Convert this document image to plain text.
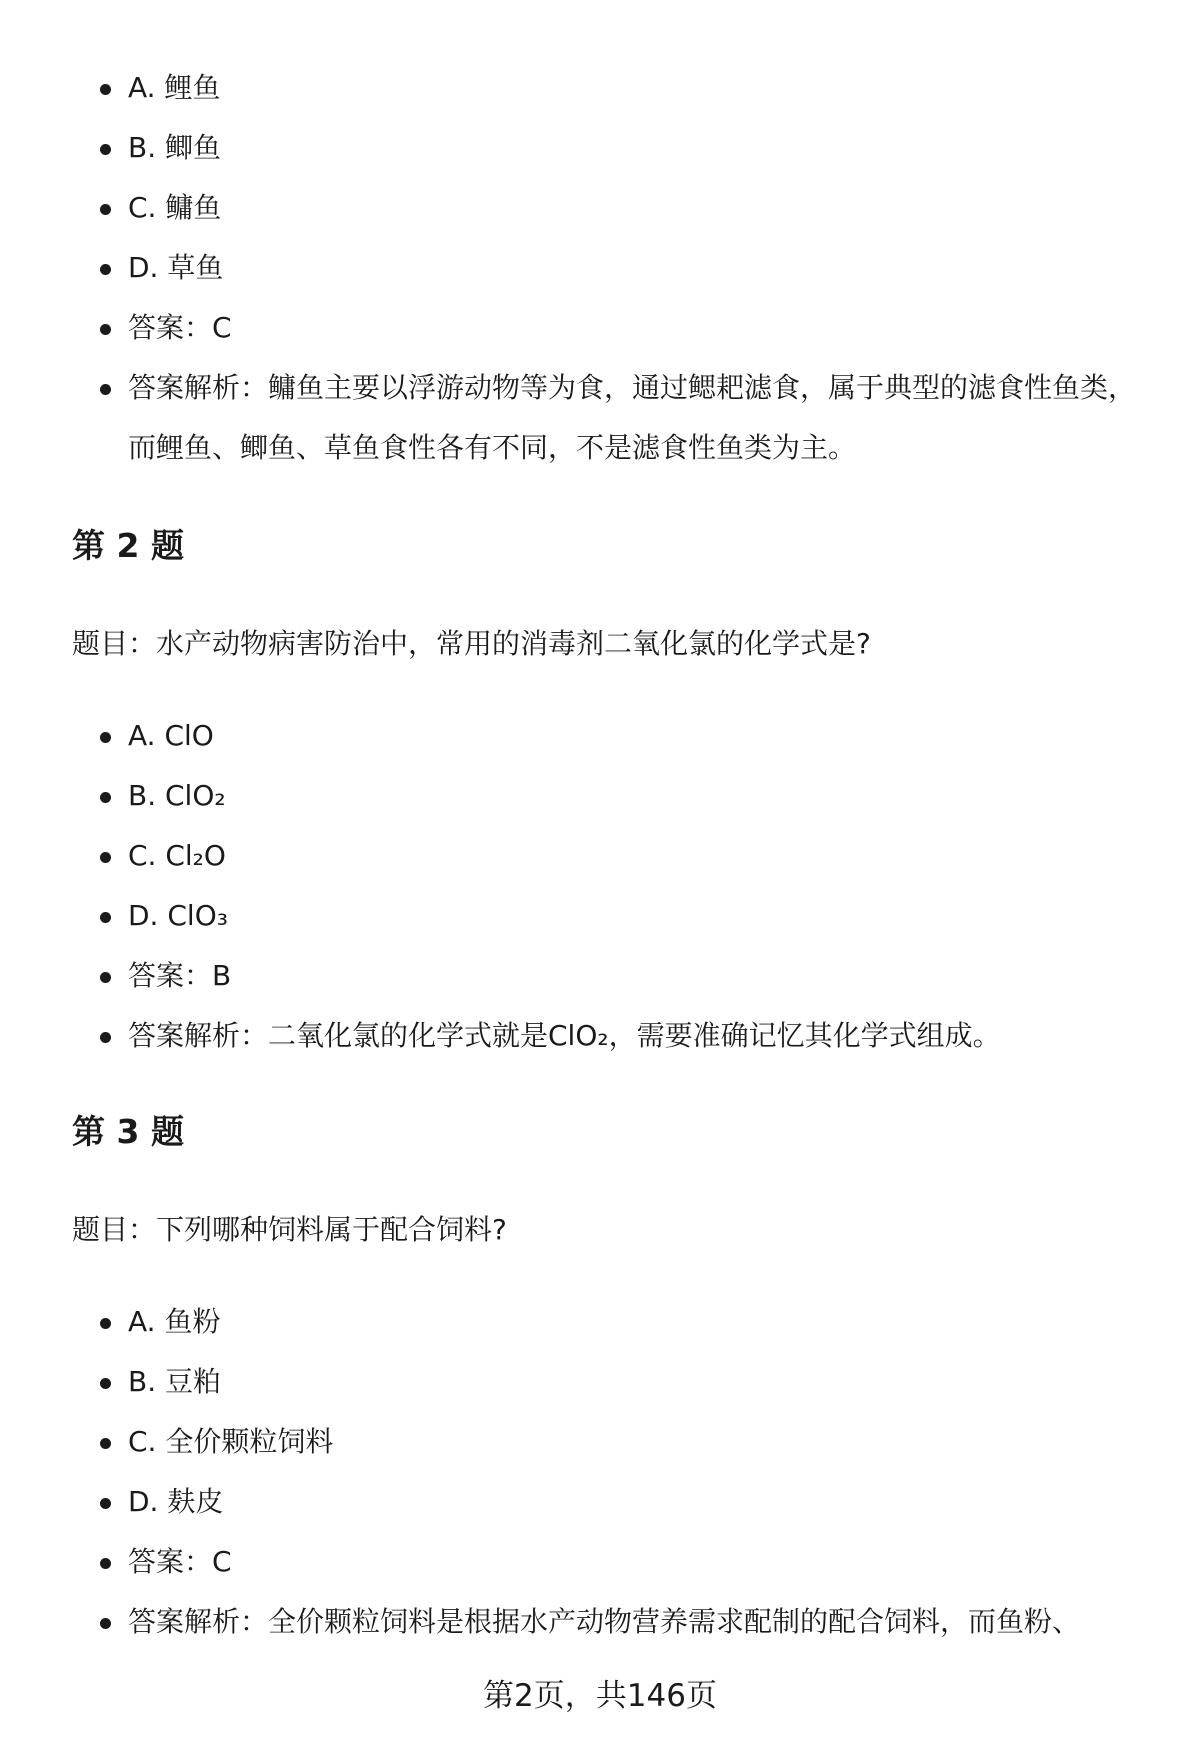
A. 鲤鱼
B. 鲫鱼
C. 鳙鱼
D. 草鱼
答案：C
答案解析：鳙鱼主要以浮游动物等为食，通过鳃耙滤食，属于典型的滤食性鱼类，而鲤鱼、鲫鱼、草鱼食性各有不同，不是滤食性鱼类为主。
第 2 题

题目：水产动物病害防治中，常用的消毒剂二氧化氯的化学式是?

A. ClO
B. ClO₂
C. Cl₂O
D. ClO₃
答案：B
答案解析：二氧化氯的化学式就是ClO₂，需要准确记忆其化学式组成。
第 3 题

题目：下列哪种饲料属于配合饲料?

A. 鱼粉
B. 豆粕
C. 全价颗粒饲料
D. 麸皮
答案：C
答案解析：全价颗粒饲料是根据水产动物营养需求配制的配合饲料，而鱼粉、
第2页，共146页
